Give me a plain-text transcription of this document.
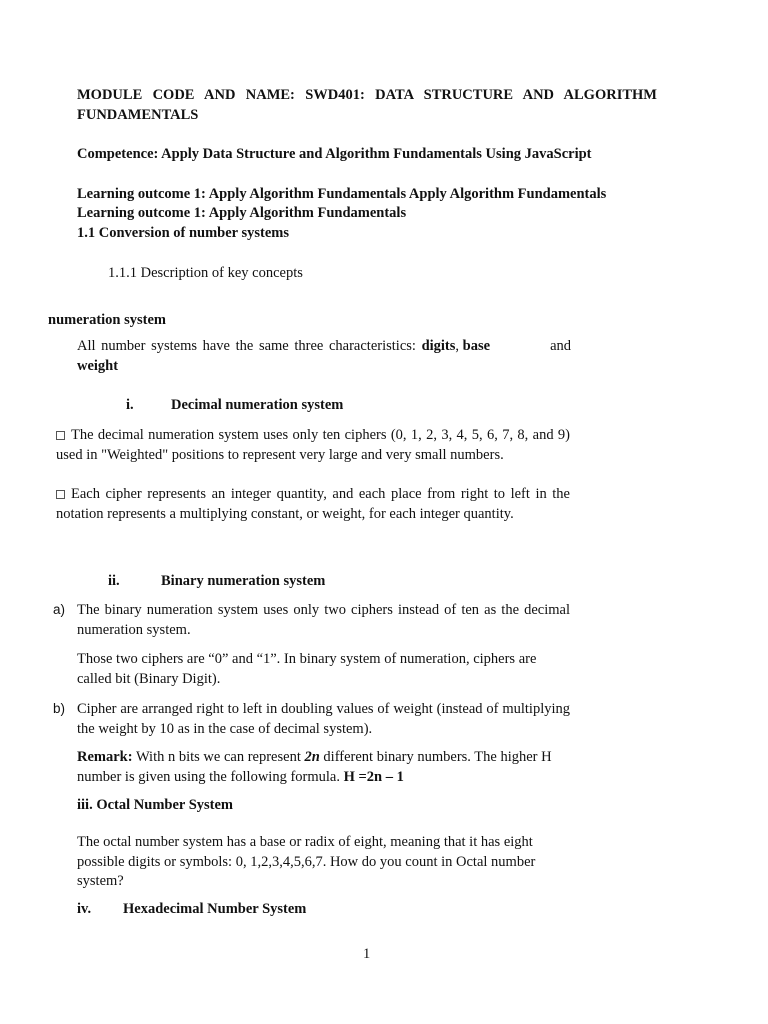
MODULE CODE AND NAME: SWD401: DATA STRUCTURE AND ALGORITHM FUNDAMENTALS
Competence: Apply Data Structure and Algorithm Fundamentals Using JavaScript
Learning outcome 1: Apply Algorithm Fundamentals Apply Algorithm Fundamentals
Learning outcome 1: Apply Algorithm Fundamentals
1.1 Conversion of number systems
1.1.1 Description of key concepts
numeration system
All number systems have the same three characteristics: digits, base	and
weight
i.	Decimal numeration system
The decimal numeration system uses only ten ciphers (0, 1, 2, 3, 4, 5, 6, 7, 8, and 9) used in "Weighted" positions to represent very large and very small numbers.
Each cipher represents an integer quantity, and each place from right to left in the notation represents a multiplying constant, or weight, for each integer quantity.
ii.	Binary numeration system
a) The binary numeration system uses only two ciphers instead of ten as the decimal numeration system.
Those two ciphers are “0” and “1”. In binary system of numeration, ciphers are called bit (Binary Digit).
b) Cipher are arranged right to left in doubling values of weight (instead of multiplying the weight by 10 as in the case of decimal system).
Remark: With n bits we can represent 2n different binary numbers. The higher H number is given using the following formula. H =2n – 1
iii. Octal Number System
The octal number system has a base or radix of eight, meaning that it has eight possible digits or symbols: 0, 1,2,3,4,5,6,7. How do you count in Octal number system?
iv. Hexadecimal Number System
1
